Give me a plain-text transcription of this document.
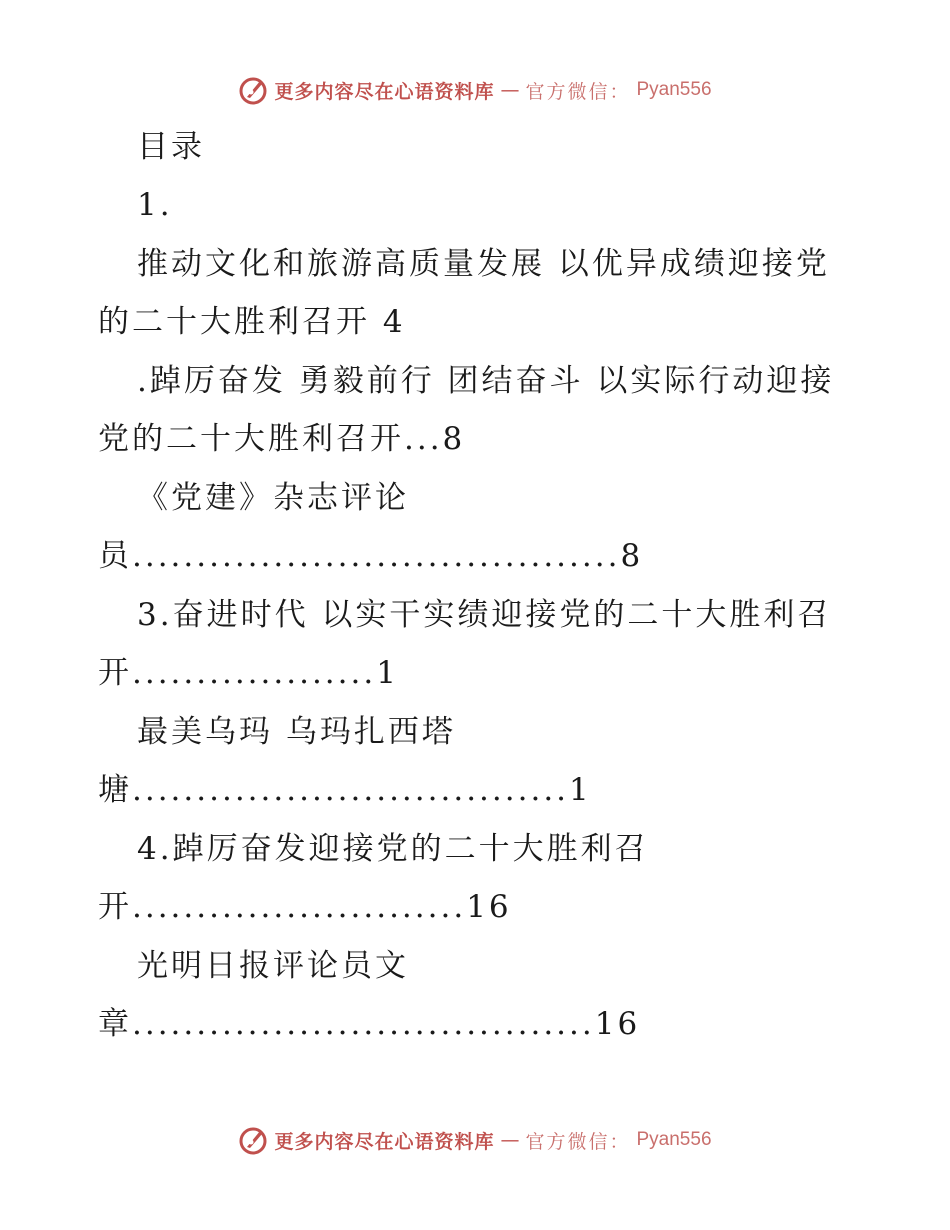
更多内容尽在心语资料库 — 官方微信： Pyan556
目录
1.
推动文化和旅游高质量发展 以优异成绩迎接党
的二十大胜利召开 4
.踔厉奋发 勇毅前行 团结奋斗 以实际行动迎接
党的二十大胜利召开...8
《党建》杂志评论
员......................................8
3.奋进时代 以实干实绩迎接党的二十大胜利召
开...................1
最美乌玛 乌玛扎西塔
塘..................................1
4.踔厉奋发迎接党的二十大胜利召
开..........................16
光明日报评论员文
章....................................16
更多内容尽在心语资料库 — 官方微信： Pyan556
